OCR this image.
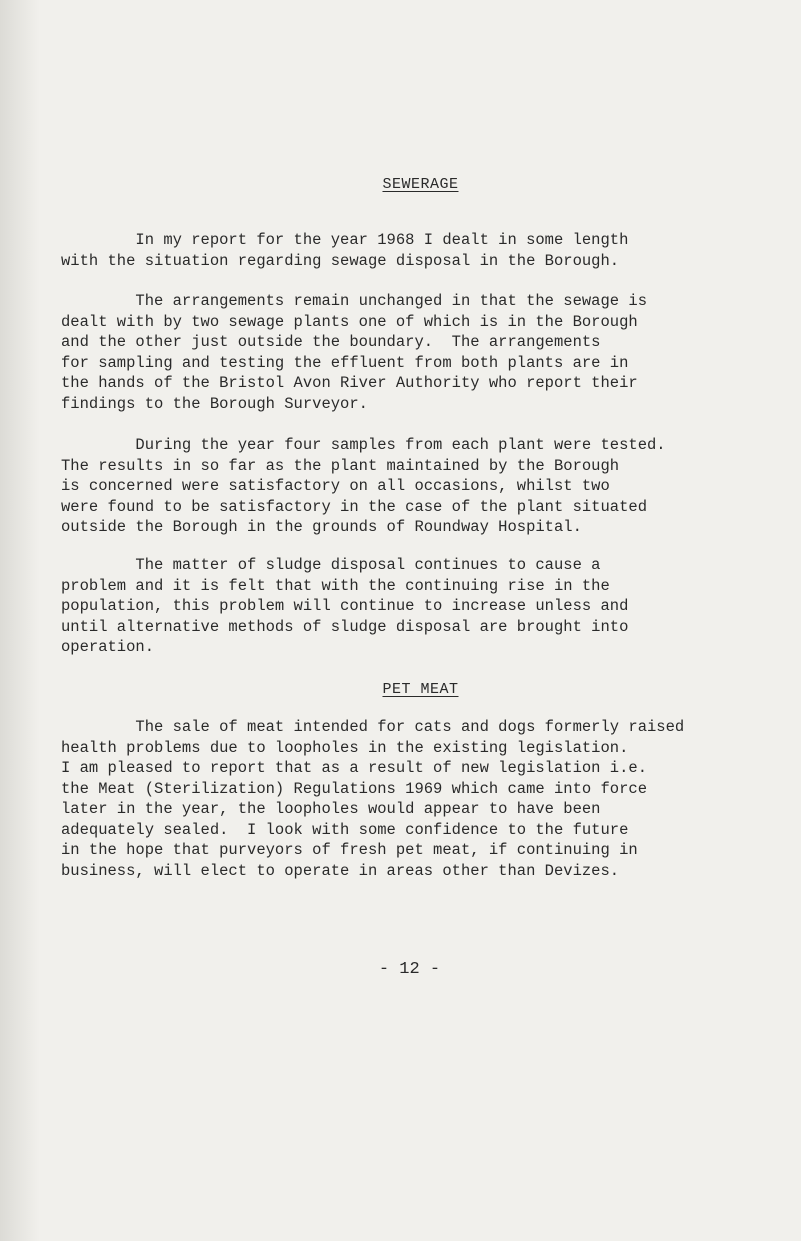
SEWERAGE

In my report for the year 1968 I dealt in some length
with the situation regarding sewage disposal in the Borough.

The arrangements remain unchanged in that the sewage is
dealt with by two sewage plants one of which is in the Borough
and the other just outside the boundary.  The arrangements
for sampling and testing the effluent from both plants are in
the hands of the Bristol Avon River Authority who report their
findings to the Borough Surveyor.

During the year four samples from each plant were tested.
The results in so far as the plant maintained by the Borough
is concerned were satisfactory on all occasions, whilst two
were found to be satisfactory in the case of the plant situated
outside the Borough in the grounds of Roundway Hospital.

The matter of sludge disposal continues to cause a
problem and it is felt that with the continuing rise in the
population, this problem will continue to increase unless and
until alternative methods of sludge disposal are brought into
operation.

PET MEAT

The sale of meat intended for cats and dogs formerly raised
health problems due to loopholes in the existing legislation.
I am pleased to report that as a result of new legislation i.e.
the Meat (Sterilization) Regulations 1969 which came into force
later in the year, the loopholes would appear to have been
adequately sealed.  I look with some confidence to the future
in the hope that purveyors of fresh pet meat, if continuing in
business, will elect to operate in areas other than Devizes.

- 12 -
